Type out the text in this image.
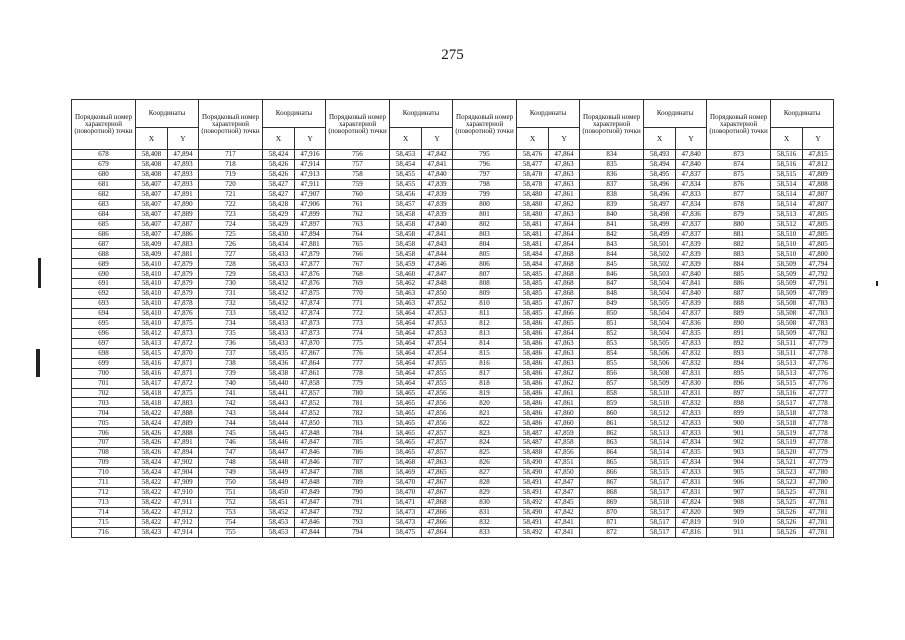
275
Порядковый номер характерной (поворотной) точки	Координаты		Порядковый номер характерной (поворотной) точки	Координаты		Порядковый номер характерной (поворотной) точки	Координаты		Порядковый номер характерной (поворотной) точки	Координаты		Порядковый номер характерной (поворотной) точки	Координаты		Порядковый номер характерной (поворотной) точки	Координаты	
	X	Y		X	Y		X	Y		X	Y		X	Y		X	Y
678	58,408	47,894	717	58,424	47,916	756	58,453	47,842	795	58,476	47,864	834	58,493	47,840	873	58,516	47,815
679	58,408	47,893	718	58,426	47,914	757	58,454	47,841	796	58,477	47,863	835	58,494	47,840	874	58,516	47,812
680	58,408	47,893	719	58,426	47,913	758	58,455	47,840	797	58,478	47,863	836	58,495	47,837	875	58,515	47,809
681	58,407	47,893	720	58,427	47,911	759	58,455	47,839	798	58,478	47,863	837	58,496	47,834	876	58,514	47,808
682	58,407	47,891	721	58,427	47,907	760	58,456	47,839	799	58,480	47,861	838	58,496	47,833	877	58,514	47,807
683	58,407	47,890	722	58,428	47,906	761	58,457	47,839	800	58,480	47,862	839	58,497	47,834	878	58,514	47,807
684	58,407	47,889	723	58,429	47,899	762	58,458	47,839	801	58,480	47,863	840	58,498	47,836	879	58,513	47,805
685	58,407	47,887	724	58,429	47,897	763	58,458	47,840	802	58,481	47,864	841	58,499	47,837	880	58,512	47,805
686	58,407	47,886	725	58,430	47,894	764	58,458	47,841	803	58,481	47,864	842	58,499	47,837	881	58,510	47,805
687	58,409	47,883	726	58,434	47,881	765	58,458	47,843	804	58,481	47,864	843	58,501	47,839	882	58,510	47,805
688	58,409	47,881	727	58,433	47,879	766	58,458	47,844	805	58,484	47,868	844	58,502	47,839	883	58,510	47,800
689	58,410	47,879	728	58,433	47,877	767	58,459	47,846	806	58,484	47,868	845	58,502	47,839	884	58,509	47,794
690	58,410	47,879	729	58,433	47,876	768	58,460	47,847	807	58,485	47,868	846	58,503	47,840	885	58,509	47,792
691	58,410	47,879	730	58,432	47,876	769	58,462	47,848	808	58,485	47,868	847	58,504	47,841	886	58,509	47,791
692	58,410	47,879	731	58,432	47,875	770	58,463	47,850	809	58,485	47,868	848	58,504	47,840	887	58,509	47,789
693	58,410	47,878	732	58,432	47,874	771	58,463	47,852	810	58,485	47,867	849	58,505	47,839	888	58,508	47,783
694	58,410	47,876	733	58,432	47,874	772	58,464	47,853	811	58,485	47,866	850	58,504	47,837	889	58,508	47,783
695	58,410	47,875	734	58,433	47,873	773	58,464	47,853	812	58,486	47,865	851	58,504	47,836	890	58,508	47,783
696	58,412	47,873	735	58,433	47,873	774	58,464	47,853	813	58,486	47,864	852	58,504	47,835	891	58,509	47,782
697	58,413	47,872	736	58,433	47,870	775	58,464	47,854	814	58,486	47,863	853	58,505	47,833	892	58,511	47,779
698	58,415	47,870	737	58,435	47,867	776	58,464	47,854	815	58,486	47,863	854	58,506	47,832	893	58,511	47,778
699	58,416	47,871	738	58,436	47,864	777	58,464	47,855	816	58,486	47,863	855	58,506	47,832	894	58,513	47,776
700	58,416	47,871	739	58,438	47,861	778	58,464	47,855	817	58,486	47,862	856	58,508	47,831	895	58,513	47,776
701	58,417	47,872	740	58,440	47,858	779	58,464	47,855	818	58,486	47,862	857	58,509	47,830	896	58,515	47,776
702	58,418	47,875	741	58,441	47,857	780	58,465	47,856	819	58,486	47,861	858	58,510	47,831	897	58,516	47,777
703	58,418	47,883	742	58,443	47,852	781	58,465	47,856	820	58,486	47,861	859	58,510	47,832	898	58,517	47,778
704	58,422	47,888	743	58,444	47,852	782	58,465	47,856	821	58,486	47,860	860	58,512	47,833	899	58,518	47,778
705	58,424	47,889	744	58,444	47,850	783	58,465	47,856	822	58,486	47,860	861	58,512	47,833	900	58,518	47,778
706	58,426	47,888	745	58,445	47,848	784	58,465	47,857	823	58,487	47,859	862	58,513	47,833	901	58,519	47,778
707	58,426	47,891	746	58,446	47,847	785	58,465	47,857	824	58,487	47,858	863	58,514	47,834	902	58,519	47,778
708	58,426	47,894	747	58,447	47,846	786	58,465	47,857	825	58,488	47,856	864	58,514	47,835	903	58,520	47,779
709	58,424	47,902	748	58,448	47,846	787	58,468	47,863	826	58,490	47,851	865	58,515	47,834	904	58,521	47,779
710	58,424	47,904	749	58,449	47,847	788	58,469	47,865	827	58,490	47,850	866	58,515	47,833	905	58,523	47,780
711	58,422	47,909	750	58,449	47,848	789	58,470	47,867	828	58,491	47,847	867	58,517	47,831	906	58,523	47,780
712	58,422	47,910	751	58,450	47,849	790	58,470	47,867	829	58,491	47,847	868	58,517	47,831	907	58,525	47,781
713	58,422	47,911	752	58,451	47,847	791	58,471	47,868	830	58,492	47,845	869	58,518	47,824	908	58,525	47,781
714	58,422	47,912	753	58,452	47,847	792	58,473	47,866	831	58,490	47,842	870	58,517	47,820	909	58,526	47,781
715	58,422	47,912	754	58,453	47,846	793	58,473	47,866	832	58,491	47,841	871	58,517	47,819	910	58,526	47,781
716	58,423	47,914	755	58,453	47,844	794	58,475	47,864	833	58,492	47,841	872	58,517	47,816	911	58,526	47,781
